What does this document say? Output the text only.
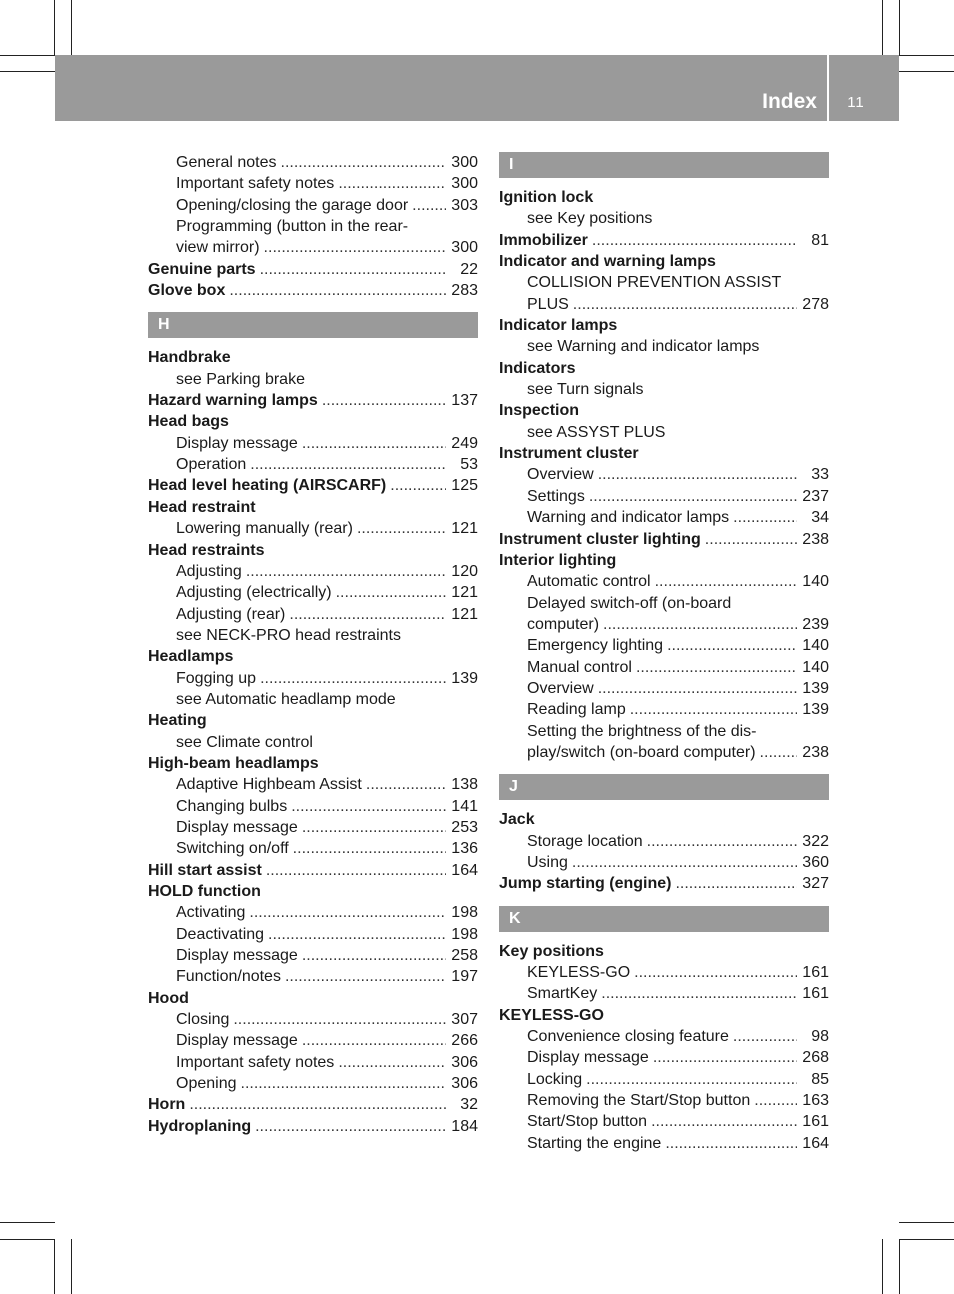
Index	11
General notes .....	300
Important safety notes .....	300
Opening/closing the garage door .....	303
Programming (button in the rear-
view mirror) .....	300
Genuine parts .....	22
Glove box .....	283
H
Handbrake
see Parking brake
Hazard warning lamps .....	137
Head bags
Display message .....	249
Operation .....	53
Head level heating (AIRSCARF) .....	125
Head restraint
Lowering manually (rear) .....	121
Head restraints
Adjusting .....	120
Adjusting (electrically) .....	121
Adjusting (rear) .....	121
see NECK-PRO head restraints
Headlamps
Fogging up .....	139
see Automatic headlamp mode
Heating
see Climate control
High-beam headlamps
Adaptive Highbeam Assist .....	138
Changing bulbs .....	141
Display message .....	253
Switching on/off .....	136
Hill start assist .....	164
HOLD function
Activating .....	198
Deactivating .....	198
Display message .....	258
Function/notes .....	197
Hood
Closing .....	307
Display message .....	266
Important safety notes .....	306
Opening .....	306
Horn .....	32
Hydroplaning .....	184
I
Ignition lock
see Key positions
Immobilizer .....	81
Indicator and warning lamps
COLLISION PREVENTION ASSIST
PLUS .....	278
Indicator lamps
see Warning and indicator lamps
Indicators
see Turn signals
Inspection
see ASSYST PLUS
Instrument cluster
Overview .....	33
Settings .....	237
Warning and indicator lamps .....	34
Instrument cluster lighting .....	238
Interior lighting
Automatic control .....	140
Delayed switch-off (on-board
computer) .....	239
Emergency lighting .....	140
Manual control .....	140
Overview .....	139
Reading lamp .....	139
Setting the brightness of the dis-
play/switch (on-board computer) .....	238
J
Jack
Storage location .....	322
Using .....	360
Jump starting (engine) .....	327
K
Key positions
KEYLESS-GO .....	161
SmartKey .....	161
KEYLESS-GO
Convenience closing feature .....	98
Display message .....	268
Locking .....	85
Removing the Start/Stop button .....	163
Start/Stop button .....	161
Starting the engine .....	164
